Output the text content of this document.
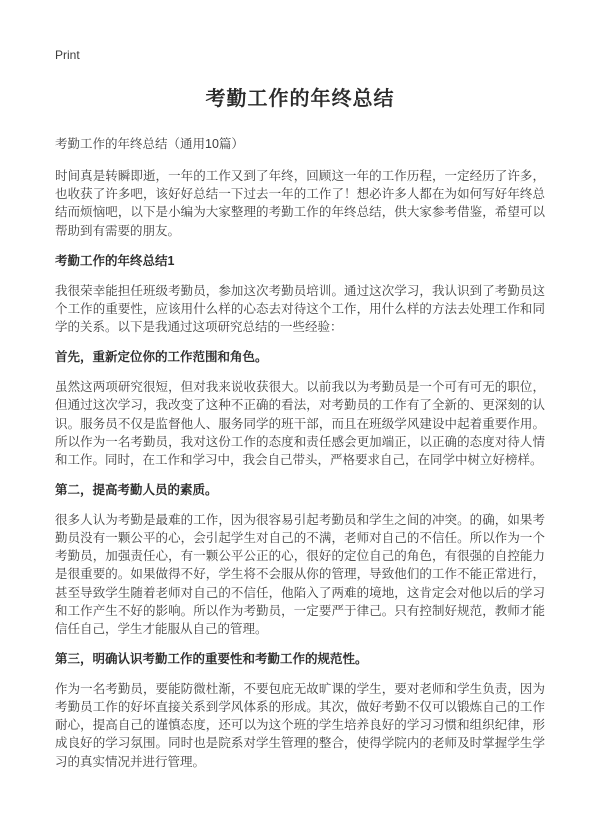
Print
考勤工作的年终总结

考勤工作的年终总结（通用10篇）

时间真是转瞬即逝，一年的工作又到了年终，回顾这一年的工作历程，一定经历了许多，也收获了许多吧，该好好总结一下过去一年的工作了！想必许多人都在为如何写好年终总结而烦恼吧，以下是小编为大家整理的考勤工作的年终总结，供大家参考借鉴，希望可以帮助到有需要的朋友。

考勤工作的年终总结1

我很荣幸能担任班级考勤员，参加这次考勤员培训。通过这次学习，我认识到了考勤员这个工作的重要性，应该用什么样的心态去对待这个工作，用什么样的方法去处理工作和同学的关系。以下是我通过这项研究总结的一些经验：

首先，重新定位你的工作范围和角色。

虽然这两项研究很短，但对我来说收获很大。以前我以为考勤员是一个可有可无的职位，但通过这次学习，我改变了这种不正确的看法，对考勤员的工作有了全新的、更深刻的认识。服务员不仅是监督他人、服务同学的班干部，而且在班级学风建设中起着重要作用。所以作为一名考勤员，我对这份工作的态度和责任感会更加端正，以正确的态度对待人情和工作。同时，在工作和学习中，我会自己带头，严格要求自己，在同学中树立好榜样。

第二，提高考勤人员的素质。

很多人认为考勤是最难的工作，因为很容易引起考勤员和学生之间的冲突。的确，如果考勤员没有一颗公平的心，会引起学生对自己的不满，老师对自己的不信任。所以作为一个考勤员，加强责任心，有一颗公平公正的心，很好的定位自己的角色，有很强的自控能力是很重要的。如果做得不好，学生将不会服从你的管理，导致他们的工作不能正常进行，甚至导致学生随着老师对自己的不信任，他陷入了两难的境地，这肯定会对他以后的学习和工作产生不好的影响。所以作为考勤员，一定要严于律己。只有控制好规范，教师才能信任自己，学生才能服从自己的管理。

第三，明确认识考勤工作的重要性和考勤工作的规范性。

作为一名考勤员，要能防微杜渐，不要包庇无故旷课的学生，要对老师和学生负责，因为考勤员工作的好坏直接关系到学风体系的形成。其次，做好考勤不仅可以锻炼自己的工作耐心，提高自己的谨慎态度，还可以为这个班的学生培养良好的学习习惯和组织纪律，形成良好的学习氛围。同时也是院系对学生管理的整合，使得学院内的老师及时掌握学生学习的真实情况并进行管理。
